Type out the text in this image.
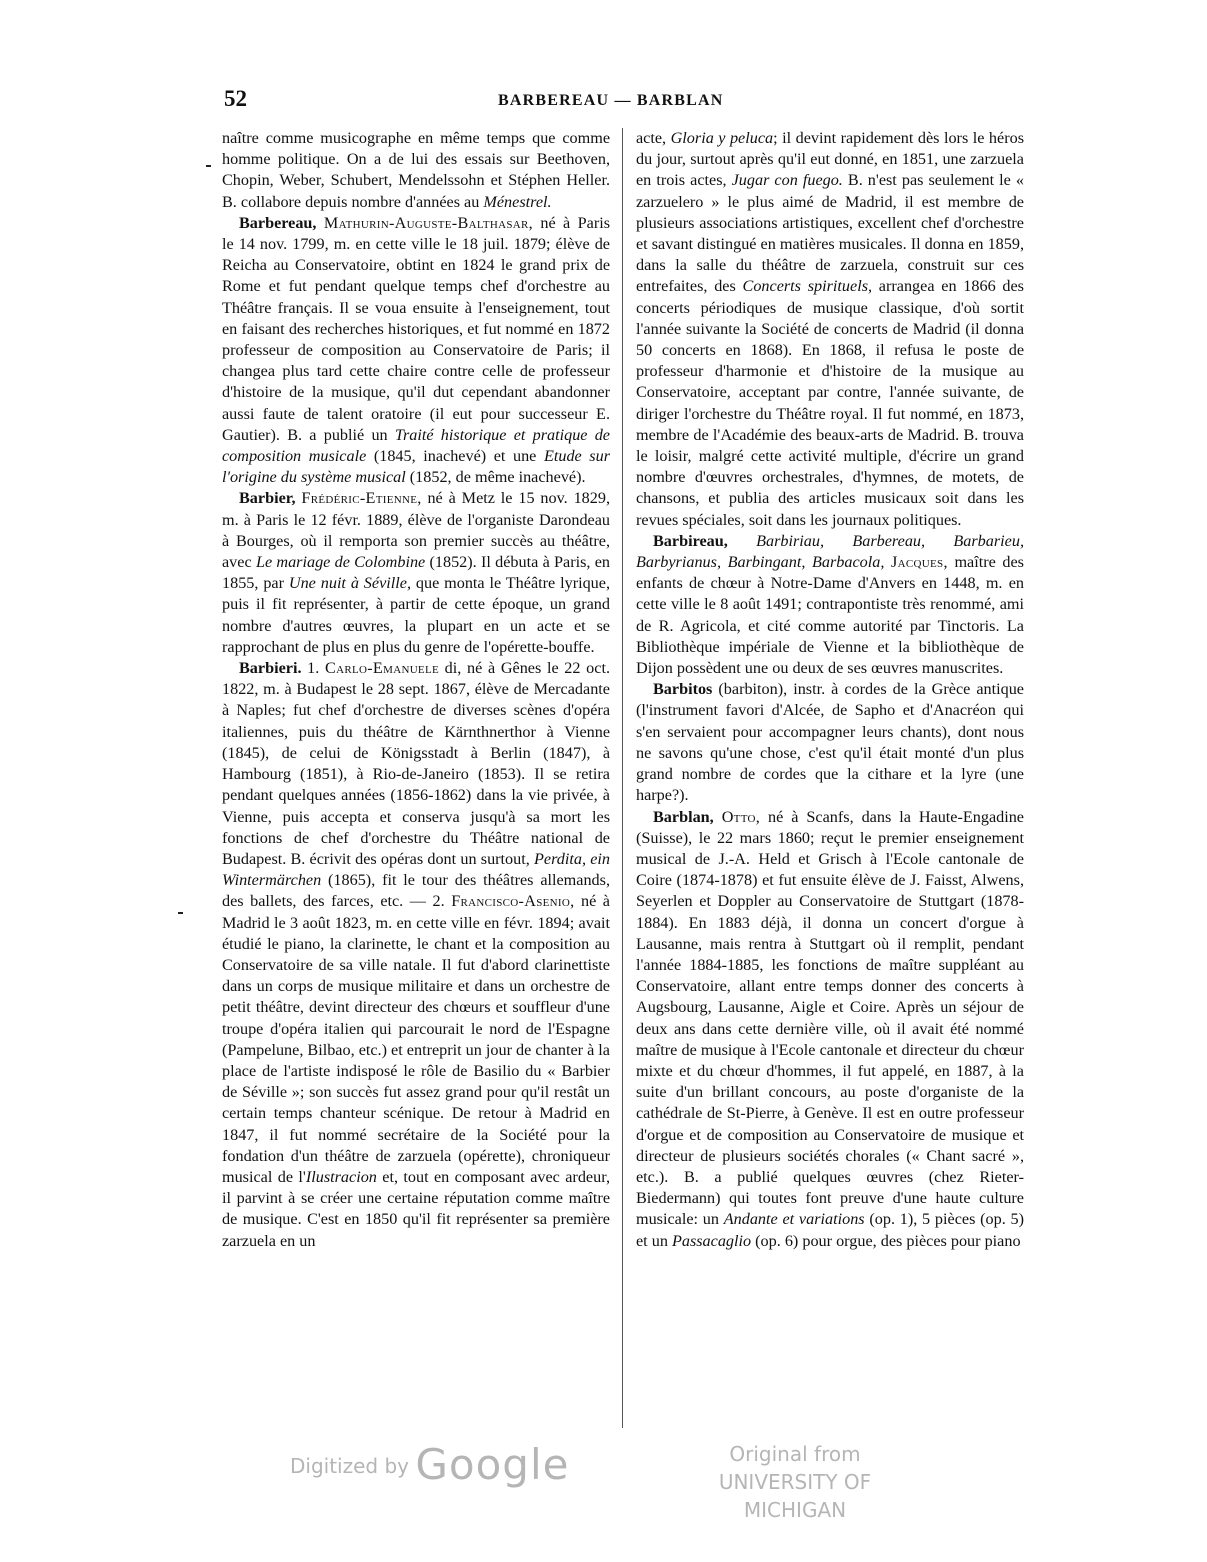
52	BARBEREAU — BARBLAN

naître comme musicographe en même temps que comme homme politique. On a de lui des essais sur Beethoven, Chopin, Weber, Schubert, Mendelssohn et Stéphen Heller. B. collabore depuis nombre d'années au Ménestrel.

Barbereau, Mathurin-Auguste-Balthasar, né à Paris le 14 nov. 1799, m. en cette ville le 18 juil. 1879; élève de Reicha au Conservatoire, obtint en 1824 le grand prix de Rome et fut pendant quelque temps chef d'orchestre au Théâtre français. Il se voua ensuite à l'enseignement, tout en faisant des recherches historiques, et fut nommé en 1872 professeur de composition au Conservatoire de Paris; il changea plus tard cette chaire contre celle de professeur d'histoire de la musique, qu'il dut cependant abandonner aussi faute de talent oratoire (il eut pour successeur E. Gautier). B. a publié un Traité historique et pratique de composition musicale (1845, inachevé) et une Etude sur l'origine du système musical (1852, de même inachevé).

Barbier, Frédéric-Etienne, né à Metz le 15 nov. 1829, m. à Paris le 12 févr. 1889, élève de l'organiste Darondeau à Bourges, où il remporta son premier succès au théâtre, avec Le mariage de Colombine (1852). Il débuta à Paris, en 1855, par Une nuit à Séville, que monta le Théâtre lyrique, puis il fit représenter, à partir de cette époque, un grand nombre d'autres œuvres, la plupart en un acte et se rapprochant de plus en plus du genre de l'opérette-bouffe.

Barbieri. 1. Carlo-Emanuele di, né à Gênes le 22 oct. 1822, m. à Budapest le 28 sept. 1867, élève de Mercadante à Naples; fut chef d'orchestre de diverses scènes d'opéra italiennes, puis du théâtre de Kärnthnerthor à Vienne (1845), de celui de Königsstadt à Berlin (1847), à Hambourg (1851), à Rio-de-Janeiro (1853). Il se retira pendant quelques années (1856-1862) dans la vie privée, à Vienne, puis accepta et conserva jusqu'à sa mort les fonctions de chef d'orchestre du Théâtre national de Budapest. B. écrivit des opéras dont un surtout, Perdita, ein Wintermärchen (1865), fit le tour des théâtres allemands, des ballets, des farces, etc. — 2. Francisco-Asenio, né à Madrid le 3 août 1823, m. en cette ville en févr. 1894; avait étudié le piano, la clarinette, le chant et la composition au Conservatoire de sa ville natale. Il fut d'abord clarinettiste dans un corps de musique militaire et dans un orchestre de petit théâtre, devint directeur des chœurs et souffleur d'une troupe d'opéra italien qui parcourait le nord de l'Espagne (Pampelune, Bilbao, etc.) et entreprit un jour de chanter à la place de l'artiste indisposé le rôle de Basilio du « Barbier de Séville »; son succès fut assez grand pour qu'il restât un certain temps chanteur scénique. De retour à Madrid en 1847, il fut nommé secrétaire de la Société pour la fondation d'un théâtre de zarzuela (opérette), chroniqueur musical de l'Ilustracion et, tout en composant avec ardeur, il parvint à se créer une certaine réputation comme maître de musique. C'est en 1850 qu'il fit représenter sa première zarzuela en un

acte, Gloria y peluca; il devint rapidement dès lors le héros du jour, surtout après qu'il eut donné, en 1851, une zarzuela en trois actes, Jugar con fuego. B. n'est pas seulement le « zarzuelero » le plus aimé de Madrid, il est membre de plusieurs associations artistiques, excellent chef d'orchestre et savant distingué en matières musicales. Il donna en 1859, dans la salle du théâtre de zarzuela, construit sur ces entrefaites, des Concerts spirituels, arrangea en 1866 des concerts périodiques de musique classique, d'où sortit l'année suivante la Société de concerts de Madrid (il donna 50 concerts en 1868). En 1868, il refusa le poste de professeur d'harmonie et d'histoire de la musique au Conservatoire, acceptant par contre, l'année suivante, de diriger l'orchestre du Théâtre royal. Il fut nommé, en 1873, membre de l'Académie des beaux-arts de Madrid. B. trouva le loisir, malgré cette activité multiple, d'écrire un grand nombre d'œuvres orchestrales, d'hymnes, de motets, de chansons, et publia des articles musicaux soit dans les revues spéciales, soit dans les journaux politiques.

Barbireau, Barbiriau, Barbereau, Barbarieu, Barbyrianus, Barbingant, Barbacola, Jacques, maître des enfants de chœur à Notre-Dame d'Anvers en 1448, m. en cette ville le 8 août 1491; contrapontiste très renommé, ami de R. Agricola, et cité comme autorité par Tinctoris. La Bibliothèque impériale de Vienne et la bibliothèque de Dijon possèdent une ou deux de ses œuvres manuscrites.

Barbitos (barbiton), instr. à cordes de la Grèce antique (l'instrument favori d'Alcée, de Sapho et d'Anacréon qui s'en servaient pour accompagner leurs chants), dont nous ne savons qu'une chose, c'est qu'il était monté d'un plus grand nombre de cordes que la cithare et la lyre (une harpe?).

Barblan, Otto, né à Scanfs, dans la Haute-Engadine (Suisse), le 22 mars 1860; reçut le premier enseignement musical de J.-A. Held et Grisch à l'Ecole cantonale de Coire (1874-1878) et fut ensuite élève de J. Faisst, Alwens, Seyerlen et Doppler au Conservatoire de Stuttgart (1878-1884). En 1883 déjà, il donna un concert d'orgue à Lausanne, mais rentra à Stuttgart où il remplit, pendant l'année 1884-1885, les fonctions de maître suppléant au Conservatoire, allant entre temps donner des concerts à Augsbourg, Lausanne, Aigle et Coire. Après un séjour de deux ans dans cette dernière ville, où il avait été nommé maître de musique à l'Ecole cantonale et directeur du chœur mixte et du chœur d'hommes, il fut appelé, en 1887, à la suite d'un brillant concours, au poste d'organiste de la cathédrale de St-Pierre, à Genève. Il est en outre professeur d'orgue et de composition au Conservatoire de musique et directeur de plusieurs sociétés chorales (« Chant sacré », etc.). B. a publié quelques œuvres (chez Rieter-Biedermann) qui toutes font preuve d'une haute culture musicale: un Andante et variations (op. 1), 5 pièces (op. 5) et un Passacaglio (op. 6) pour orgue, des pièces pour piano

Digitized by Google	Original from
UNIVERSITY OF MICHIGAN
